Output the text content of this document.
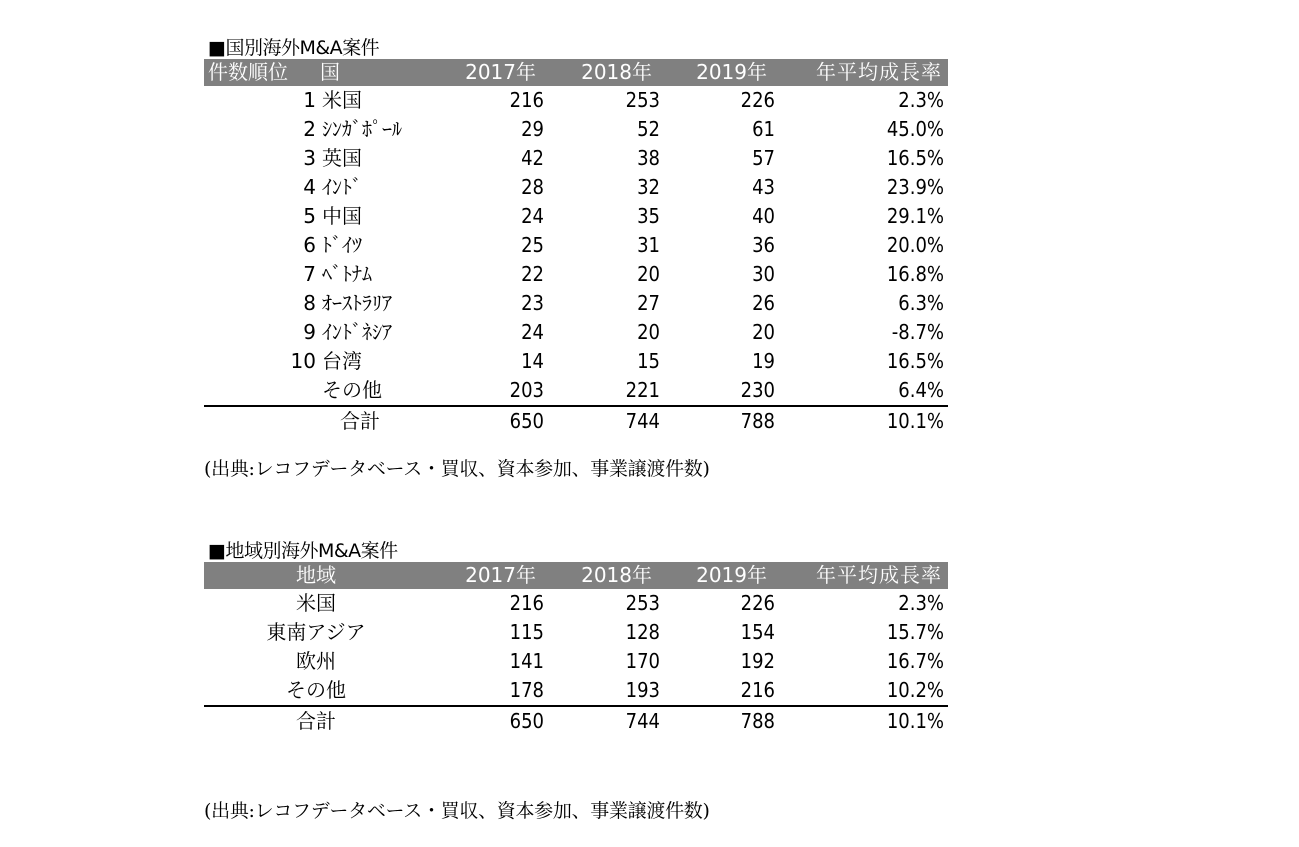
■国別海外M&A案件
件数順位	国	2017年	2018年	2019年	年平均成長率
1	米国	216	253	226	2.3%
2	ｼﾝｶﾞﾎﾟｰﾙ	29	52	61	45.0%
3	英国	42	38	57	16.5%
4	ｲﾝﾄﾞ	28	32	43	23.9%
5	中国	24	35	40	29.1%
6	ﾄﾞｲﾂ	25	31	36	20.0%
7	ﾍﾞﾄﾅﾑ	22	20	30	16.8%
8	ｵｰｽﾄﾗﾘｱ	23	27	26	6.3%
9	ｲﾝﾄﾞﾈｼｱ	24	20	20	-8.7%
10	台湾	14	15	19	16.5%
	その他	203	221	230	6.4%
	合計	650	744	788	10.1%
(出典:レコフデータベース・買収、資本参加、事業譲渡件数)
■地域別海外M&A案件
地域	2017年	2018年	2019年	年平均成長率
米国	216	253	226	2.3%
東南アジア	115	128	154	15.7%
欧州	141	170	192	16.7%
その他	178	193	216	10.2%
合計	650	744	788	10.1%
(出典:レコフデータベース・買収、資本参加、事業譲渡件数)
